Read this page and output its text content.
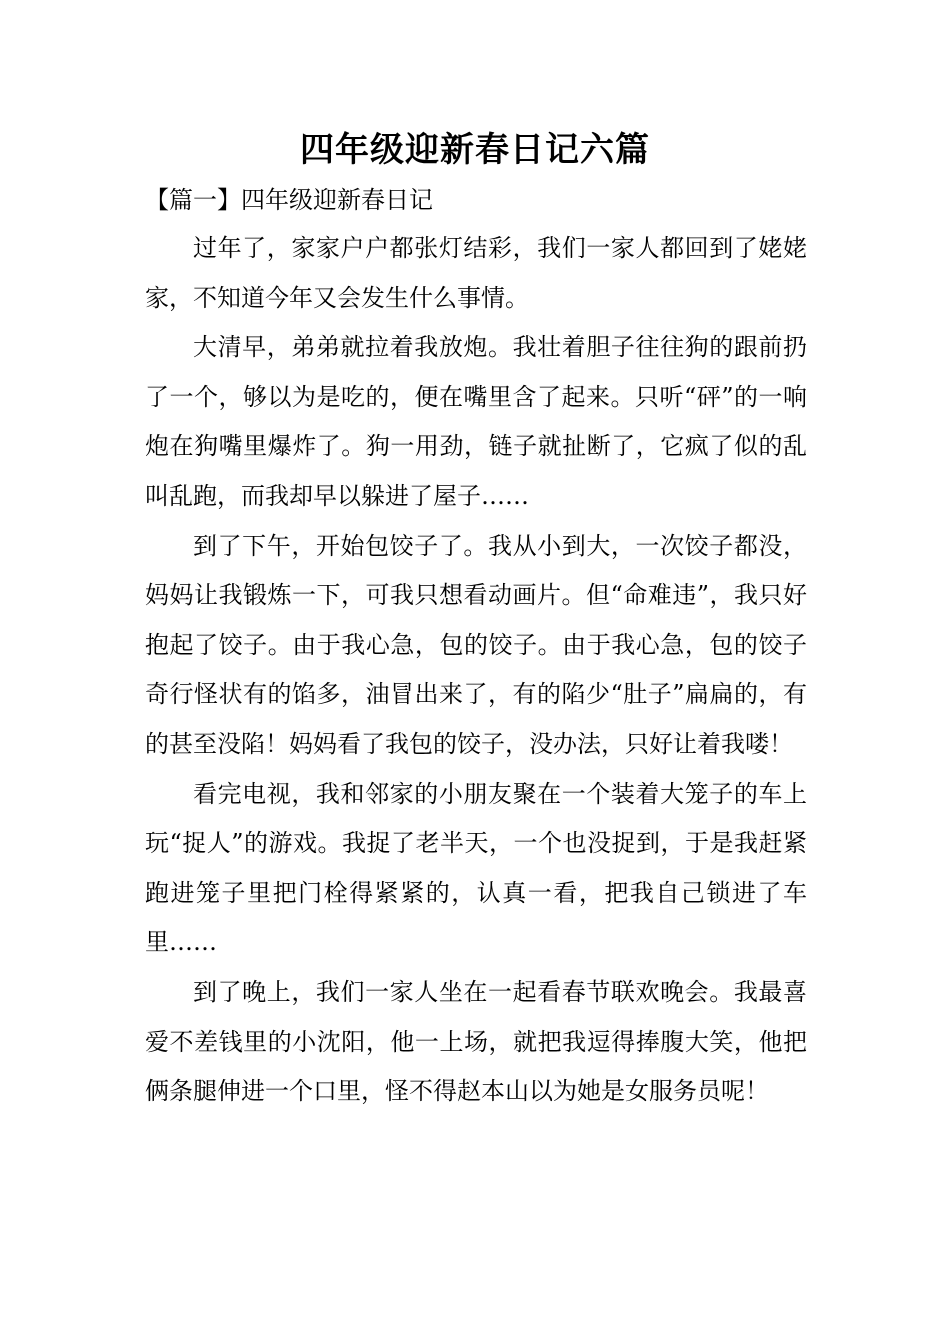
四年级迎新春日记六篇
【篇一】四年级迎新春日记

过年了，家家户户都张灯结彩，我们一家人都回到了姥姥家，不知道今年又会发生什么事情。

大清早，弟弟就拉着我放炮。我壮着胆子往往狗的跟前扔了一个，够以为是吃的，便在嘴里含了起来。只听“砰”的一响炮在狗嘴里爆炸了。狗一用劲，链子就扯断了，它疯了似的乱叫乱跑，而我却早以躲进了屋子……

到了下午，开始包饺子了。我从小到大，一次饺子都没，妈妈让我锻炼一下，可我只想看动画片。但“命难违”，我只好抱起了饺子。由于我心急，包的饺子。由于我心急，包的饺子奇行怪状有的馅多，油冒出来了，有的陷少“肚子”扁扁的，有的甚至没陷！妈妈看了我包的饺子，没办法，只好让着我喽！

看完电视，我和邻家的小朋友聚在一个装着大笼子的车上玩“捉人”的游戏。我捉了老半天，一个也没捉到，于是我赶紧跑进笼子里把门栓得紧紧的，认真一看，把我自己锁进了车里……

到了晚上，我们一家人坐在一起看春节联欢晚会。我最喜爱不差钱里的小沈阳，他一上场，就把我逗得捧腹大笑，他把俩条腿伸进一个口里，怪不得赵本山以为她是女服务员呢！
